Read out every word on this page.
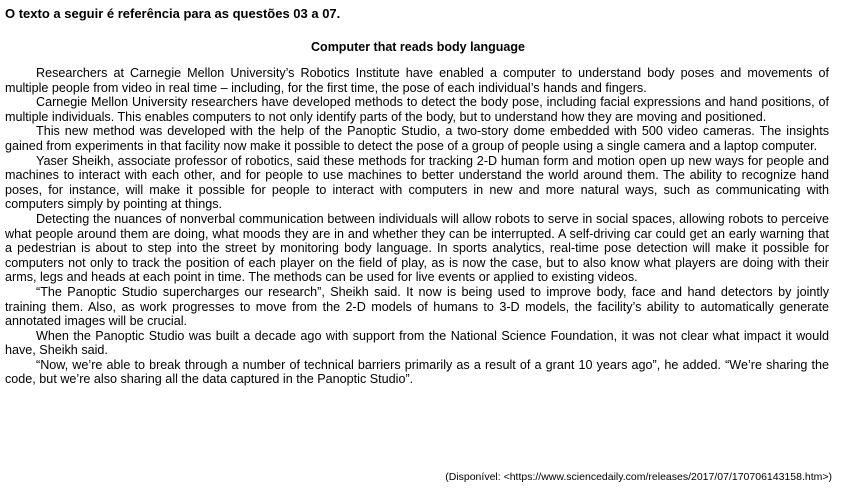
O texto a seguir é referência para as questões 03 a 07.
Computer that reads body language

Researchers at Carnegie Mellon University’s Robotics Institute have enabled a computer to understand body poses and movements of multiple people from video in real time – including, for the first time, the pose of each individual’s hands and fingers.

Carnegie Mellon University researchers have developed methods to detect the body pose, including facial expressions and hand positions, of multiple individuals. This enables computers to not only identify parts of the body, but to understand how they are moving and positioned.

This new method was developed with the help of the Panoptic Studio, a two-story dome embedded with 500 video cameras. The insights gained from experiments in that facility now make it possible to detect the pose of a group of people using a single camera and a laptop computer.

Yaser Sheikh, associate professor of robotics, said these methods for tracking 2-D human form and motion open up new ways for people and machines to interact with each other, and for people to use machines to better understand the world around them. The ability to recognize hand poses, for instance, will make it possible for people to interact with computers in new and more natural ways, such as communicating with computers simply by pointing at things.

Detecting the nuances of nonverbal communication between individuals will allow robots to serve in social spaces, allowing robots to perceive what people around them are doing, what moods they are in and whether they can be interrupted. A self-driving car could get an early warning that a pedestrian is about to step into the street by monitoring body language. In sports analytics, real-time pose detection will make it possible for computers not only to track the position of each player on the field of play, as is now the case, but to also know what players are doing with their arms, legs and heads at each point in time. The methods can be used for live events or applied to existing videos.

“The Panoptic Studio supercharges our research”, Sheikh said. It now is being used to improve body, face and hand detectors by jointly training them. Also, as work progresses to move from the 2-D models of humans to 3-D models, the facility’s ability to automatically generate annotated images will be crucial.

When the Panoptic Studio was built a decade ago with support from the National Science Foundation, it was not clear what impact it would have, Sheikh said.

“Now, we’re able to break through a number of technical barriers primarily as a result of a grant 10 years ago”, he added. “We’re sharing the code, but we’re also sharing all the data captured in the Panoptic Studio”.

(Disponível: <https://www.sciencedaily.com/releases/2017/07/170706143158.htm>)
